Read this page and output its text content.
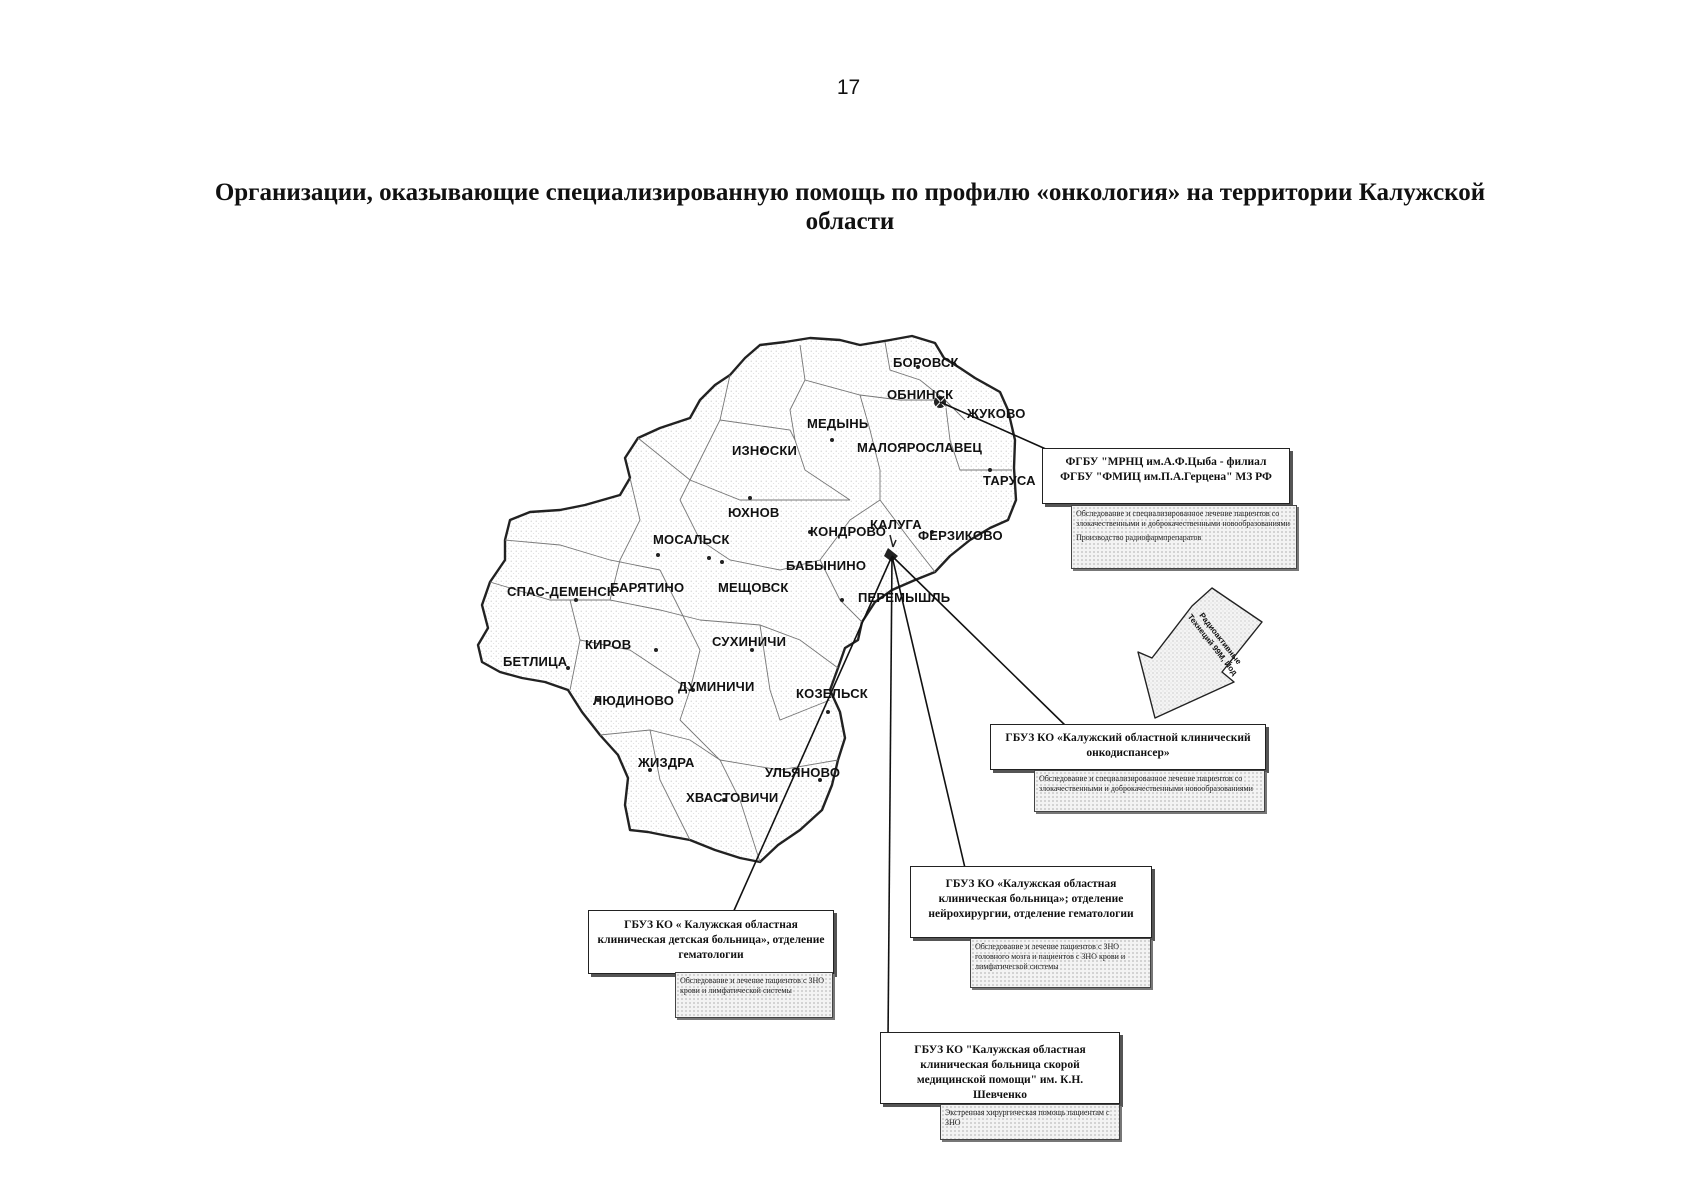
17
Организации, оказывающие специализированную помощь по профилю «онкология» на территории Калужской области
БОРОВСК
ОБНИНСК
ЖУКОВО
МЕДЫНЬ
ИЗНОСКИ	МАЛОЯРОСЛАВЕЦ
ТАРУСА
ЮХНОВ
КОНДРОВО
КАЛУГА
ФЕРЗИКОВО
МОСАЛЬСК
БАБЫНИНО
СПАС-ДЕМЕНСК
БАРЯТИНО	МЕЩОВСК
ПЕРЕМЫШЛЬ
СУХИНИЧИ
КИРОВ
БЕТЛИЦА
ДУМИНИЧИ	КОЗЕЛЬСК
ЛЮДИНОВО
ЖИЗДРА
УЛЬЯНОВО
ХВАСТОВИЧИ
ФГБУ "МРНЦ им.А.Ф.Цыба - филиал ФГБУ "ФМИЦ им.П.А.Герцена" МЗ РФ

Обследование и специализированное лечение пациентов со злокачественными и доброкачественными новообразованиями

Производство радиофармпрепаратов

Радиоактивные Технеций 99М, Йод
ГБУЗ КО «Калужский областной клинический онкодиспансер»

Обследование и специализированное лечение пациентов со злокачественными и доброкачественными новообразованиями

ГБУЗ КО «Калужская областная клиническая больница»; отделение нейрохирургии, отделение гематологии

Обследование и лечение пациентов с ЗНО головного мозга и пациентов с ЗНО крови и лимфатической системы

ГБУЗ КО « Калужская областная клиническая детская больница», отделение гематологии

Обследование и лечение пациентов с ЗНО крови и лимфатической системы

ГБУЗ КО "Калужская областная клиническая больница скорой медицинской помощи" им. К.Н. Шевченко

Экстренная хирургическая помощь пациентам с ЗНО
